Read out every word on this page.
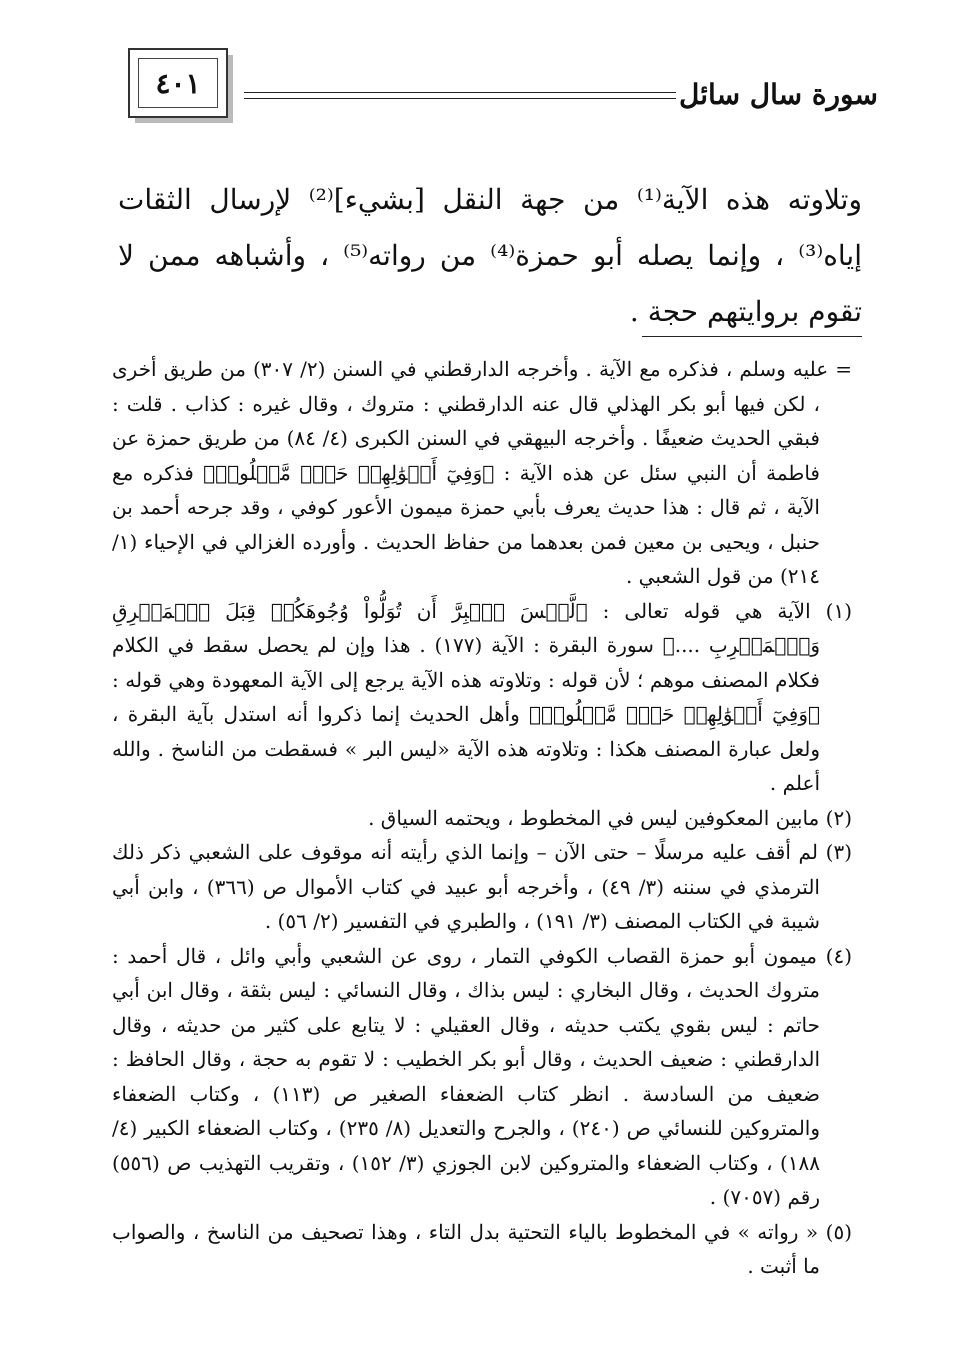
٤٠١	سورة سال سائل

وتلاوته هذه الآية⁽¹⁾ من جهة النقل [بشيء]⁽²⁾ لإرسال الثقات إياه⁽³⁾ ، وإنما يصله أبو حمزة⁽⁴⁾ من رواته⁽⁵⁾ ، وأشباهه ممن لا تقوم بروايتهم حجة .

= عليه وسلم ، فذكره مع الآية . وأخرجه الدارقطني في السنن (٢/ ٣٠٧) من طريق أخرى ، لكن فيها أبو بكر الهذلي قال عنه الدارقطني : متروك ، وقال غيره : كذاب . قلت : فبقي الحديث ضعيفًا . وأخرجه البيهقي في السنن الكبرى (٤/ ٨٤) من طريق حمزة عن فاطمة أن النبي سئل عن هذه الآية : ﴿وَفِيٓ أَمۡوَٰلِهِمۡ حَقّٞ مَّعۡلُومٞ﴾ فذكره مع الآية ، ثم قال : هذا حديث يعرف بأبي حمزة ميمون الأعور كوفي ، وقد جرحه أحمد بن حنبل ، ويحيى بن معين فمن بعدهما من حفاظ الحديث . وأورده الغزالي في الإحياء (١/ ٢١٤) من قول الشعبي .

(١) الآية هي قوله تعالى : ﴿لَّيۡسَ ٱلۡبِرَّ أَن تُوَلُّواْ وُجُوهَكُمۡ قِبَلَ ٱلۡمَشۡرِقِ وَٱلۡمَغۡرِبِ ....﴾ سورة البقرة : الآية (١٧٧) . هذا وإن لم يحصل سقط في الكلام فكلام المصنف موهم ؛ لأن قوله : وتلاوته هذه الآية يرجع إلى الآية المعهودة وهي قوله : ﴿وَفِيٓ أَمۡوَٰلِهِمۡ حَقّٞ مَّعۡلُومٞ﴾ وأهل الحديث إنما ذكروا أنه استدل بآية البقرة ، ولعل عبارة المصنف هكذا : وتلاوته هذه الآية «ليس البر » فسقطت من الناسخ . والله أعلم .

(٢) مابين المعكوفين ليس في المخطوط ، ويحتمه السياق .

(٣) لم أقف عليه مرسلًا – حتى الآن – وإنما الذي رأيته أنه موقوف على الشعبي ذكر ذلك الترمذي في سننه (٣/ ٤٩) ، وأخرجه أبو عبيد في كتاب الأموال ص (٣٦٦) ، وابن أبي شيبة في الكتاب المصنف (٣/ ١٩١) ، والطبري في التفسير (٢/ ٥٦) .

(٤) ميمون أبو حمزة القصاب الكوفي التمار ، روى عن الشعبي وأبي وائل ، قال أحمد : متروك الحديث ، وقال البخاري : ليس بذاك ، وقال النسائي : ليس بثقة ، وقال ابن أبي حاتم : ليس بقوي يكتب حديثه ، وقال العقيلي : لا يتابع على كثير من حديثه ، وقال الدارقطني : ضعيف الحديث ، وقال أبو بكر الخطيب : لا تقوم به حجة ، وقال الحافظ : ضعيف من السادسة . انظر كتاب الضعفاء الصغير ص (١١٣) ، وكتاب الضعفاء والمتروكين للنسائي ص (٢٤٠) ، والجرح والتعديل (٨/ ٢٣٥) ، وكتاب الضعفاء الكبير (٤/ ١٨٨) ، وكتاب الضعفاء والمتروكين لابن الجوزي (٣/ ١٥٢) ، وتقريب التهذيب ص (٥٥٦) رقم (٧٠٥٧) .

(٥) « رواته » في المخطوط بالياء التحتية بدل التاء ، وهذا تصحيف من الناسخ ، والصواب ما أثبت .
